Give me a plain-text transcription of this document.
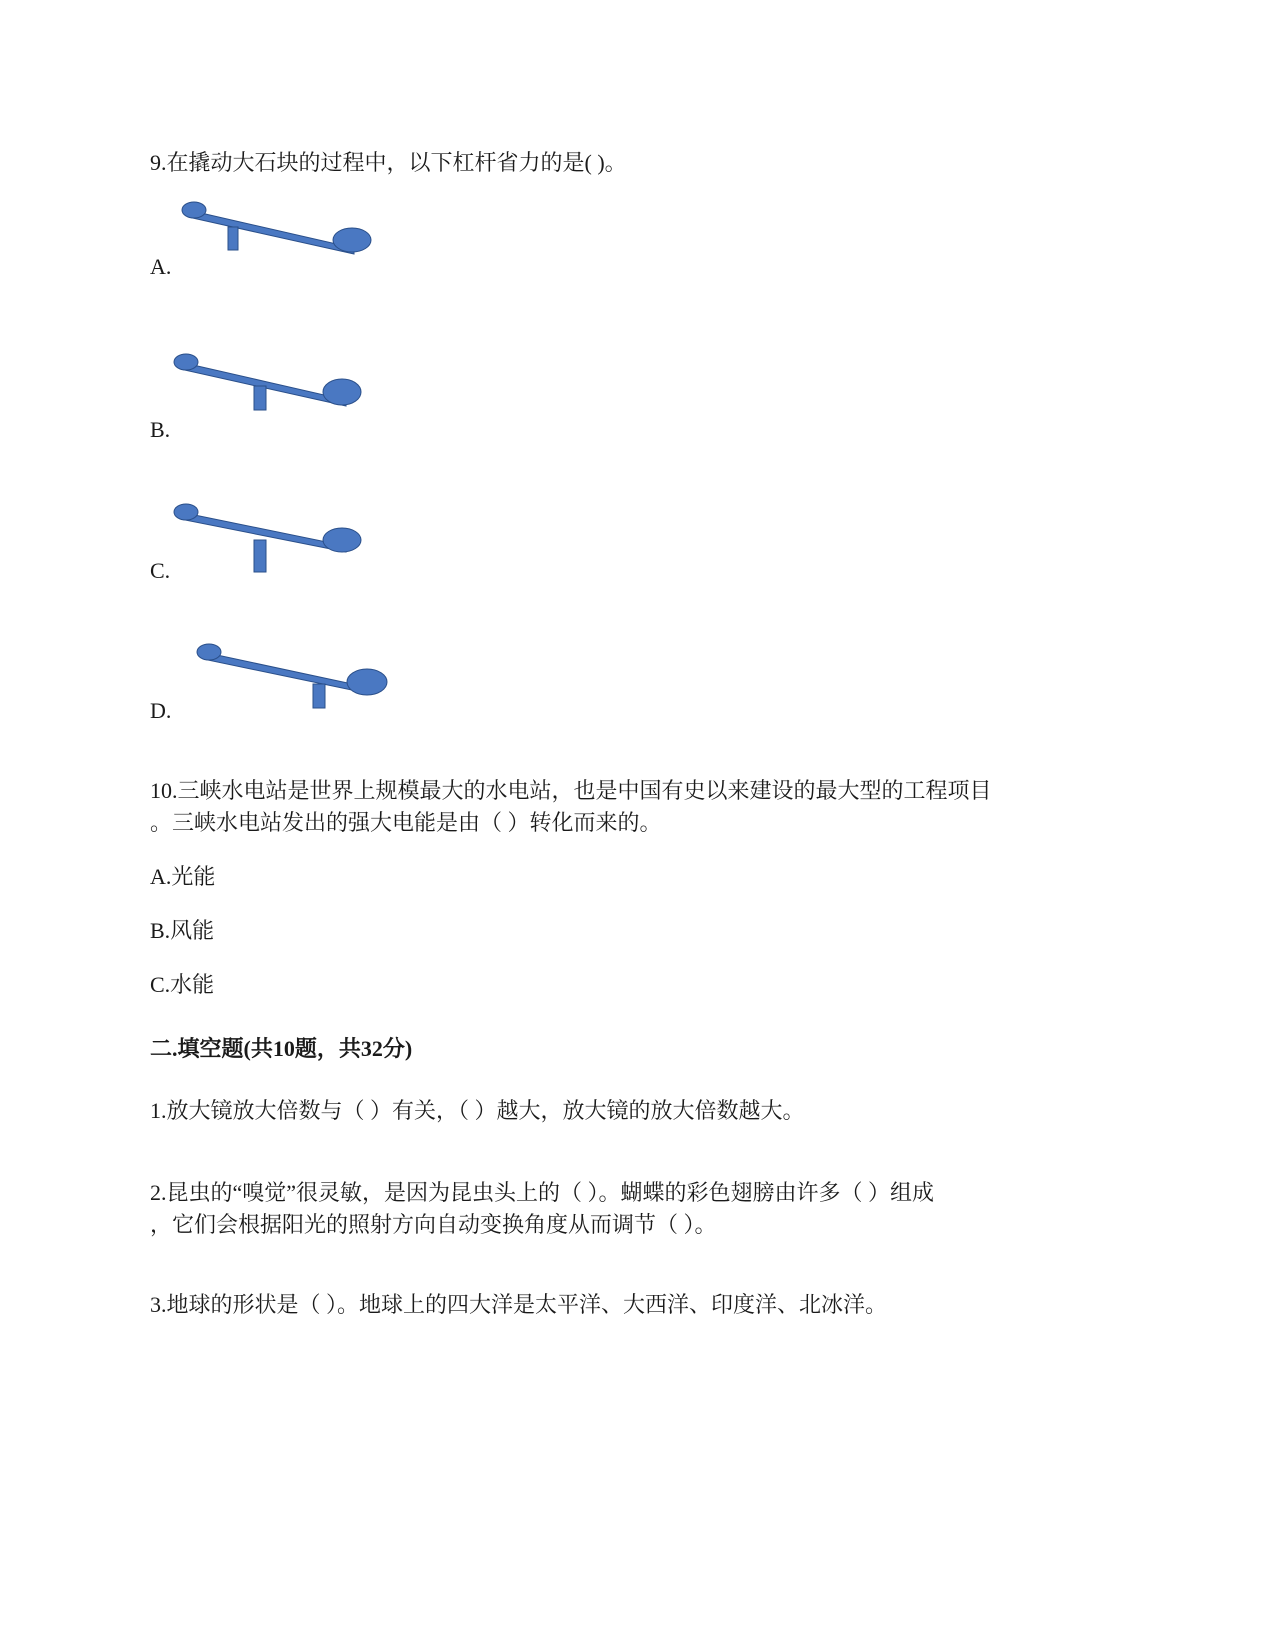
9.在撬动大石块的过程中，以下杠杆省力的是( )。
A.
B.
C.
D.
10.三峡水电站是世界上规模最大的水电站，也是中国有史以来建设的最大型的工程项目
。三峡水电站发出的强大电能是由（ ）转化而来的。
A.光能
B.风能
C.水能
二.填空题(共10题，共32分)
1.放大镜放大倍数与（ ）有关，（ ）越大，放大镜的放大倍数越大。
2.昆虫的“嗅觉”很灵敏，是因为昆虫头上的（ ）。蝴蝶的彩色翅膀由许多（ ）组成
，它们会根据阳光的照射方向自动变换角度从而调节（ ）。
3.地球的形状是（ ）。地球上的四大洋是太平洋、大西洋、印度洋、北冰洋。
